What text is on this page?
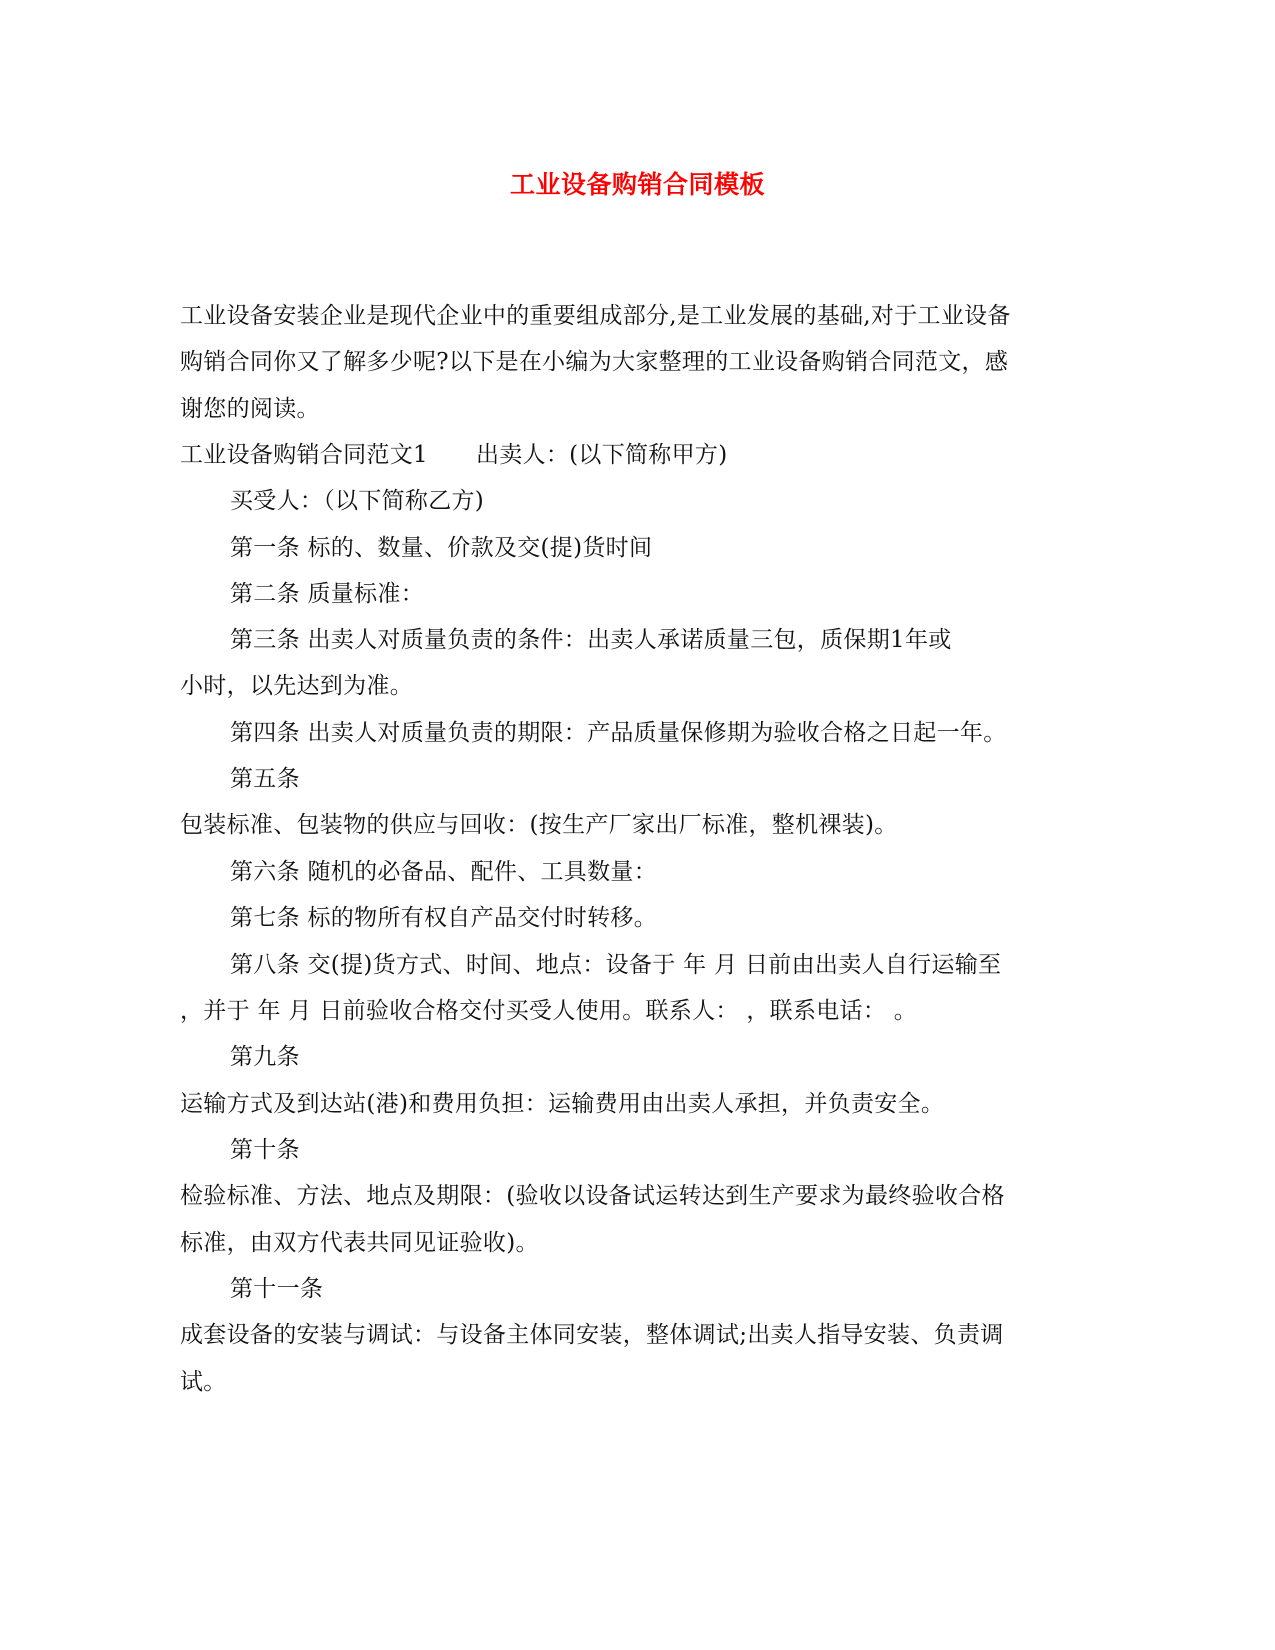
工业设备购销合同模板
工业设备安装企业是现代企业中的重要组成部分,是工业发展的基础,对于工业设备
购销合同你又了解多少呢?以下是在小编为大家整理的工业设备购销合同范文，感
谢您的阅读。
工业设备购销合同范文1 出卖人：(以下简称甲方)
买受人：（以下简称乙方)
第一条 标的、数量、价款及交(提)货时间
第二条 质量标准：
第三条 出卖人对质量负责的条件：出卖人承诺质量三包，质保期1年或
小时，以先达到为准。
第四条 出卖人对质量负责的期限：产品质量保修期为验收合格之日起一年。
第五条
包装标准、包装物的供应与回收：(按生产厂家出厂标准，整机裸装)。
第六条 随机的必备品、配件、工具数量：
第七条 标的物所有权自产品交付时转移。
第八条 交(提)货方式、时间、地点：设备于 年 月 日前由出卖人自行运输至
，并于 年 月 日前验收合格交付买受人使用。联系人： ，联系电话： 。
第九条
运输方式及到达站(港)和费用负担：运输费用由出卖人承担，并负责安全。
第十条
检验标准、方法、地点及期限：(验收以设备试运转达到生产要求为最终验收合格
标准，由双方代表共同见证验收)。
第十一条
成套设备的安装与调试：与设备主体同安装，整体调试;出卖人指导安装、负责调
试。
